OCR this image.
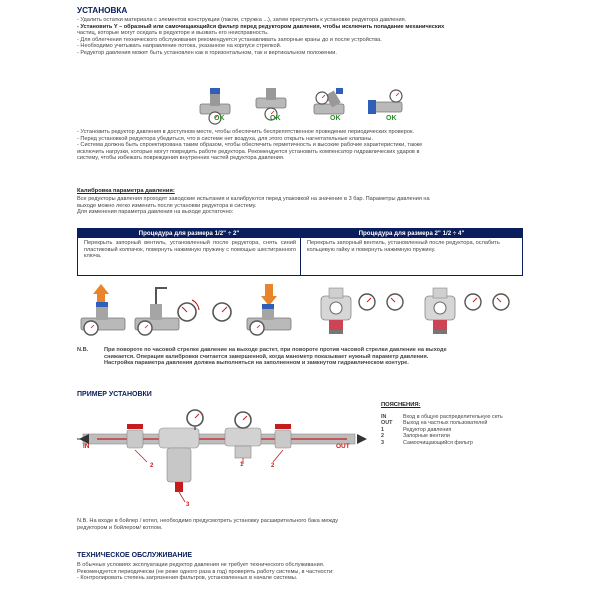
УСТАНОВКА
- Удалить остатки материала с элементов конструкции (пакли, стружка ...), затем приступить к установке редуктора давления.
- Установить Y – образный или самочищающийся фильтр перед редуктором давления, чтобы исключить попадание механических
частиц, которые могут оседать в редукторе и вызвать его неисправность.
- Для облегчения технического обслуживания рекомендуется устанавливать запорные краны до и после устройства.
- Необходимо учитывать направление потока, указанное на корпусе стрелкой.
- Редуктор давления может быть установлен как в горизонтальном, так и вертикальном положении.
OK	OK	OK	OK
- Установить редуктор давления в доступном месте, чтобы обеспечить беспрепятственное проведение периодических проверок.
- Перед установкой редуктора убедиться, что в системе нет воздуха, для этого открыть нагнетательные клапаны.
- Система должна быть спроектирована таким образом, чтобы обеспечить герметичность и высокие рабочие характеристики, также
исключить нагрузки, которые могут повредить работе редуктора. Рекомендуется установить компенсатор гидравлических ударов в
систему, чтобы избежать повреждения внутренних частей редуктора давления.
Калибровка параметра давления:
Все редукторы давления проходят заводские испытания и калибруются перед упаковкой на значение в 3 бар. Параметры давления на
выходе можно легко изменить после установки редуктора в систему.
Для изменения параметра давления на выходе достаточно:
Процедура для размера 1/2" ÷ 2"	Процедура для размера 2" 1/2 ÷ 4"
Перекрыть запорный вентиль, установленный после редуктора, снять синий пластиковый колпачок, повернуть нажимную пружину с помощью шестигранного ключа.
Перекрыть запорный вентиль, установленный после редуктора, ослабить кольцевую гайку и повернуть нажимную пружину.
N.B.	При повороте по часовой стрелке давление на выходе растет, при повороте против часовой стрелки давление на выходе
снижается. Операция калибровки считается завершенной, когда манометр показывает нужный параметр давления.
Настройка параметра давления должна выполняться на заполненном и замкнутом гидравлическом контуре.
ПРИМЕР УСТАНОВКИ
IN	OUT
1
2	2
3
ПОЯСНЕНИЯ:
IN	Вход в общую распределительную сеть
OUT	Выход на частных пользователей
1	Редуктор давления
2	Запорные вентили
3	Самоочищающийся фильтр
N.B. На входе в бойлер / котел, необходимо предусмотреть установку расширительного бака между редуктором и бойлером/ котлом.
ТЕХНИЧЕСКОЕ ОБСЛУЖИВАНИЕ
В обычных условиях эксплуатации редуктор давления не требует технического обслуживания.
Рекомендуется периодически (не реже одного раза в год) проверять работу системы, в частности:
- Контролировать степень загрязнения фильтров, установленных в начале системы.
